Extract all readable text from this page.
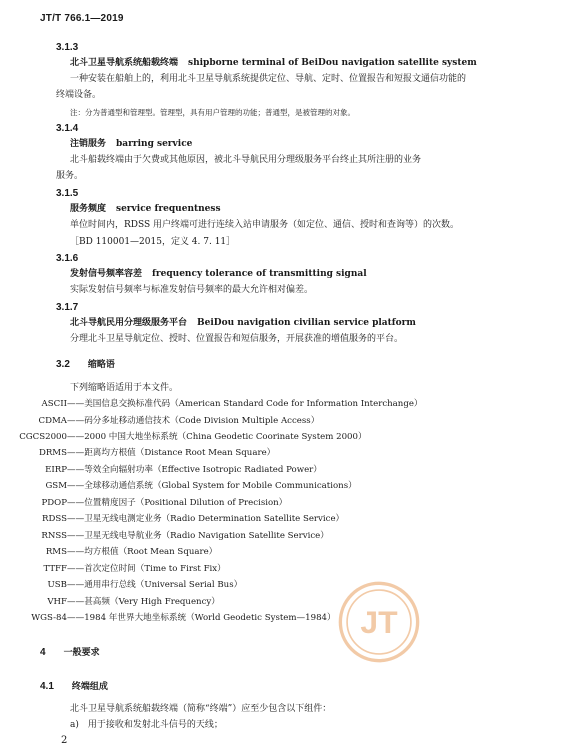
JT/T 766.1—2019
3.1.3
北斗卫星导航系统船载终端 shipborne terminal of BeiDou navigation satellite system
一种安装在船舶上的，利用北斗卫星导航系统提供定位、导航、定时、位置报告和短报文通信功能的
终端设备。
注：分为普通型和管理型。管理型，具有用户管理的功能；普通型，是被管理的对象。
3.1.4
注销服务 barring service
北斗船载终端由于欠费或其他原因，被北斗导航民用分理级服务平台终止其所注册的业务
服务。
3.1.5
服务频度 service frequentness
单位时间内，RDSS 用户终端可进行连续入站申请服务（如定位、通信、授时和查询等）的次数。
［BD 110001—2015，定义 4. 7. 11］
3.1.6
发射信号频率容差 frequency tolerance of transmitting signal
实际发射信号频率与标准发射信号频率的最大允许相对偏差。
3.1.7
北斗导航民用分理级服务平台 BeiDou navigation civilian service platform
分理北斗卫星导航定位、授时、位置报告和短信服务，开展获准的增值服务的平台。
3.2 缩略语
下列缩略语适用于本文件。
ASCII ——美国信息交换标准代码（American Standard Code for Information Interchange）
CDMA ——码分多址移动通信技术（Code Division Multiple Access）
CGCS2000 ——2000 中国大地坐标系统（China Geodetic Coorinate System 2000）
DRMS ——距离均方根值（Distance Root Mean Square）
EIRP ——等效全向辐射功率（Effective Isotropic Radiated Power）
GSM ——全球移动通信系统（Global System for Mobile Communications）
PDOP ——位置精度因子（Positional Dilution of Precision）
RDSS ——卫星无线电测定业务（Radio Determination Satellite Service）
RNSS ——卫星无线电导航业务（Radio Navigation Satellite Service）
RMS ——均方根值（Root Mean Square）
TTFF ——首次定位时间（Time to First Fix）
USB ——通用串行总线（Universal Serial Bus）
VHF ——甚高频（Very High Frequency）
WGS-84 ——1984 年世界大地坐标系统（World Geodetic System—1984） JT
4 一般要求
4.1 终端组成
北斗卫星导航系统船载终端（简称“终端”）应至少包含以下组件：
a)　用于接收和发射北斗信号的天线；
2
